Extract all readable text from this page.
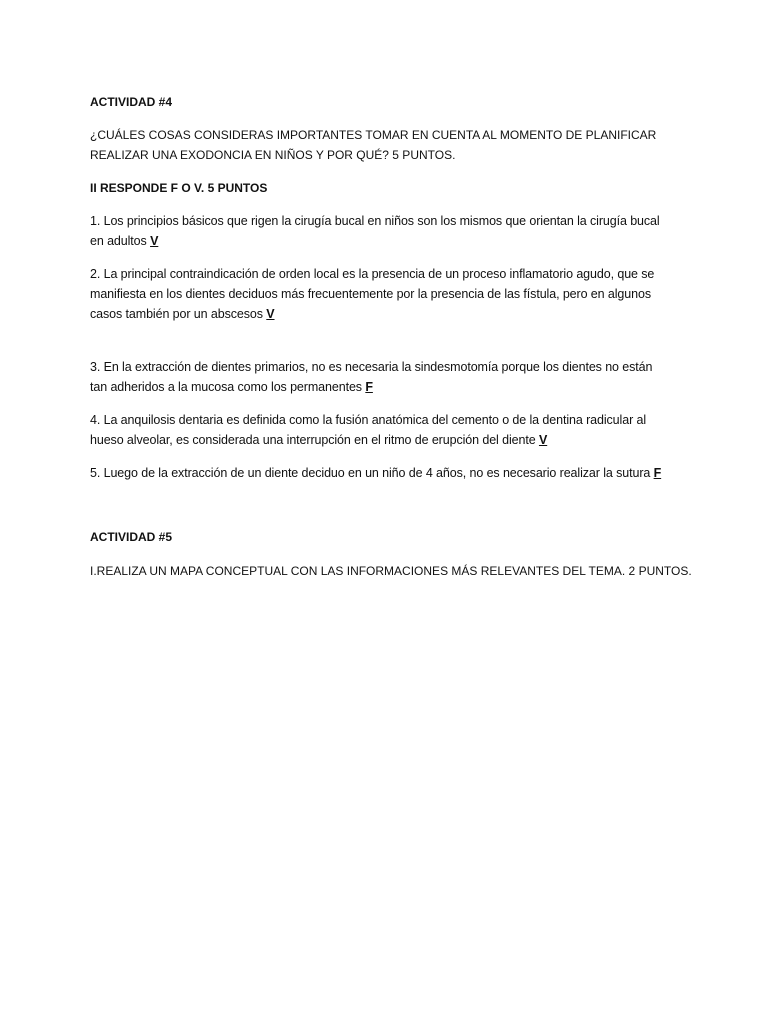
ACTIVIDAD #4
¿CUÁLES COSAS CONSIDERAS IMPORTANTES TOMAR EN CUENTA AL MOMENTO DE PLANIFICAR
REALIZAR UNA EXODONCIA EN NIÑOS Y POR QUÉ? 5 PUNTOS.
II RESPONDE F O V. 5 PUNTOS
1. Los principios básicos que rigen la cirugía bucal en niños son los mismos que orientan la cirugía bucal
en adultos V
2. La principal contraindicación de orden local es la presencia de un proceso inflamatorio agudo, que se
manifiesta en los dientes deciduos más frecuentemente por la presencia de las fístula, pero en algunos
casos también por un abscesos V
3. En la extracción de dientes primarios, no es necesaria la sindesmotomía porque los dientes no están
tan adheridos a la mucosa como los permanentes F
4. La anquilosis dentaria es definida como la fusión anatómica del cemento o de la dentina radicular al
hueso alveolar, es considerada una interrupción en el ritmo de erupción del diente V
5. Luego de la extracción de un diente deciduo en un niño de 4 años, no es necesario realizar la sutura F
ACTIVIDAD #5
I.REALIZA UN MAPA CONCEPTUAL CON LAS INFORMACIONES MÁS RELEVANTES DEL TEMA. 2 PUNTOS.
